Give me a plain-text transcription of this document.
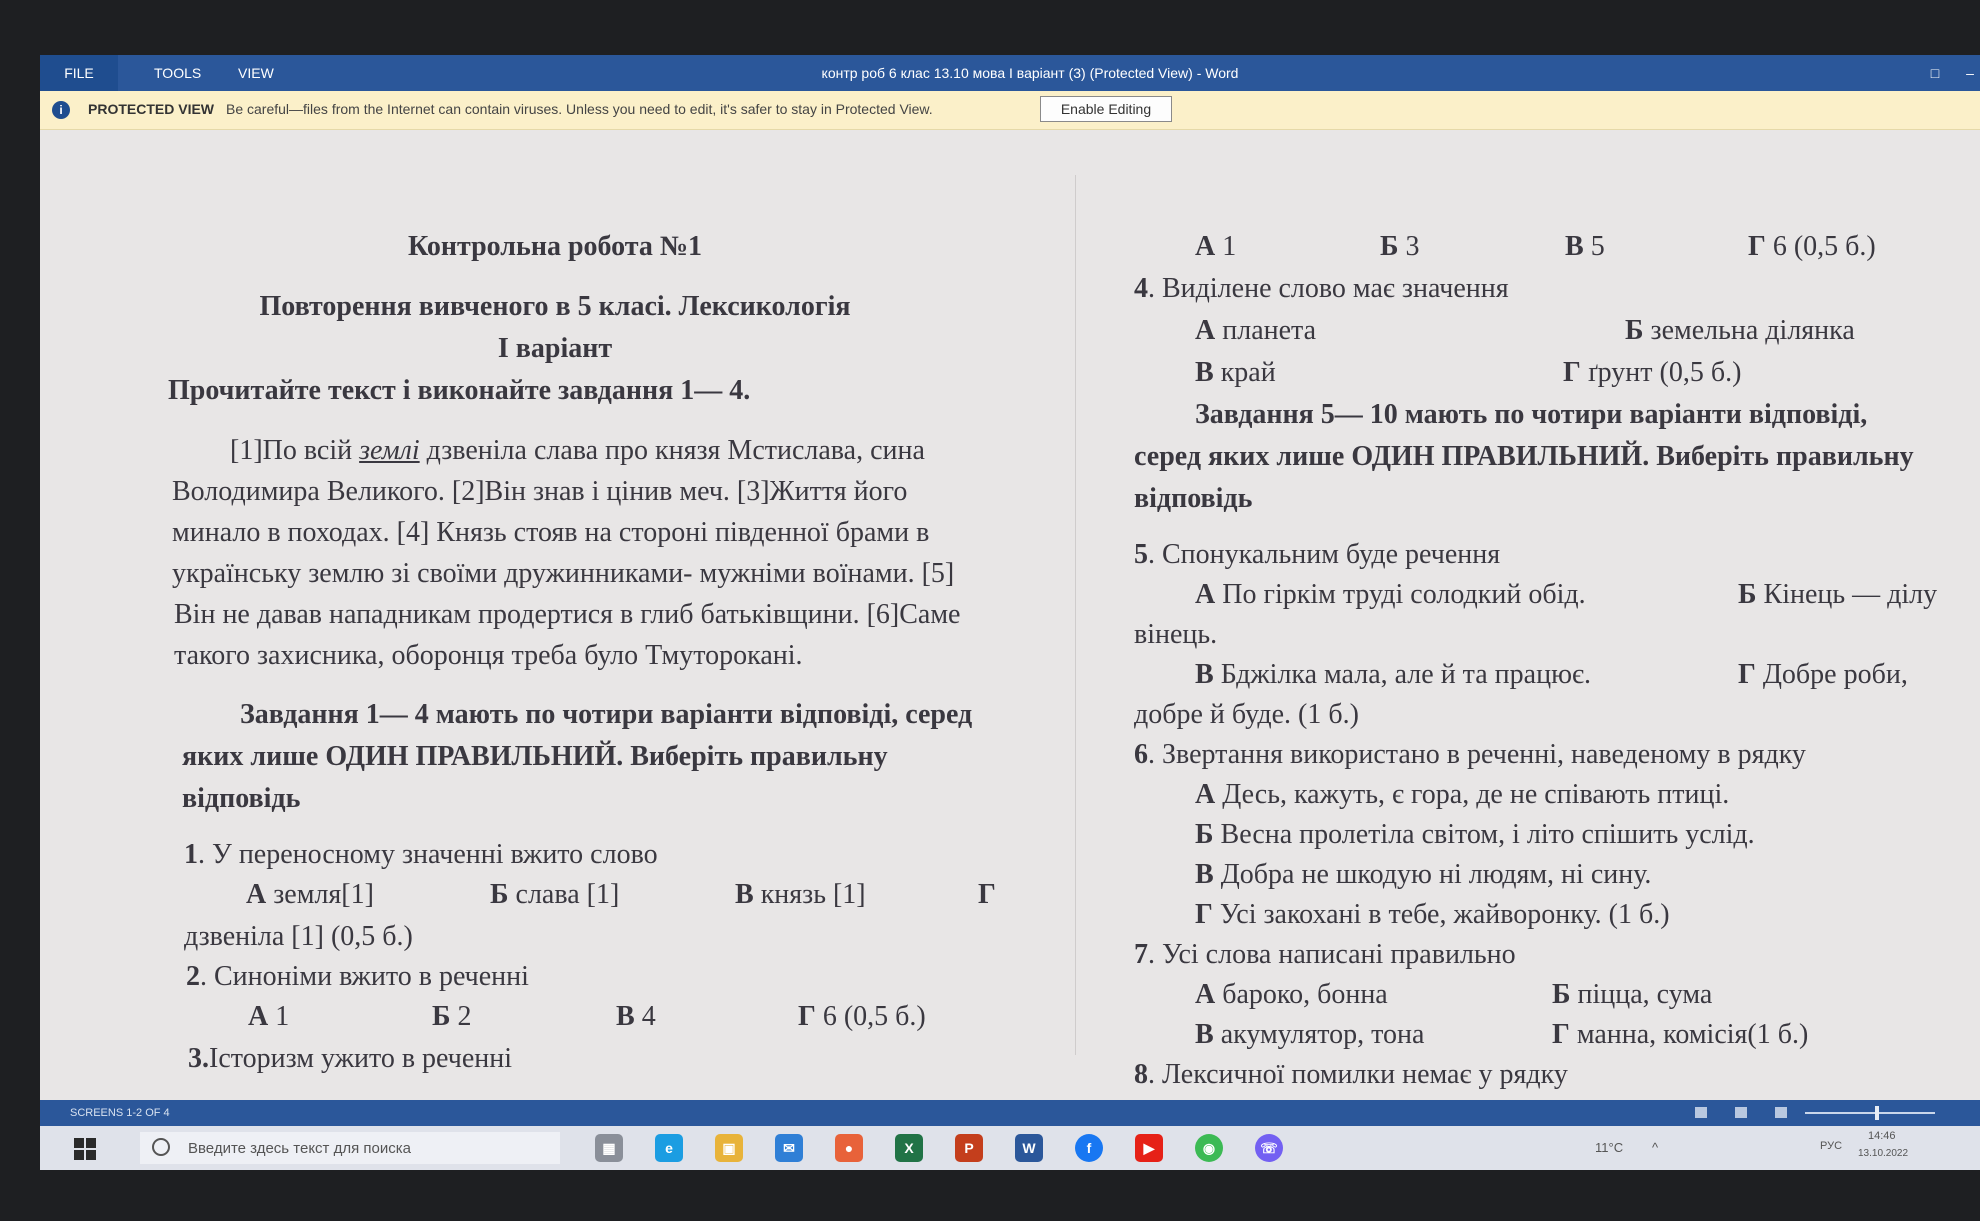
контр роб 6 клас 13.10 мова І варіант (3) (Protected View) - Word
FILE	TOOLS	VIEW	□	–
i	PROTECTED VIEW Be careful—files from the Internet can contain viruses. Unless you need to edit, it's safer to stay in Protected View.	Enable Editing
Контрольна робота №1
Повторення вивченого в 5 класі. Лексикологія
І варіант
Прочитайте текст і виконайте завдання 1— 4.
[1]По всій землі дзвеніла слава про князя Мстислава, сина
Володимира Великого. [2]Він знав і цінив меч. [3]Життя його
минало в походах. [4] Князь стояв на стороні південної брами в
українську землю зі своїми дружинниками- мужніми воїнами. [5]
Він не давав нападникам продертися в глиб батьківщини. [6]Саме
такого захисника, оборонця треба було Тмуторокані.
Завдання 1— 4 мають по чотири варіанти відповіді, серед
яких лише ОДИН ПРАВИЛЬНИЙ. Виберіть правильну
відповідь
1. У переносному значенні вжито слово
А земля[1]	Б слава [1]	В князь [1]	Г
дзвеніла [1] (0,5 б.)
2. Синоніми вжито в реченні
А 1	Б 2	В 4	Г 6 (0,5 б.)
3.Історизм ужито в реченні
А 1	Б 3	В 5	Г 6 (0,5 б.)
4. Виділене слово має значення
А планета	Б земельна ділянка
В край	Г ґрунт (0,5 б.)
Завдання 5— 10 мають по чотири варіанти відповіді,
серед яких лише ОДИН ПРАВИЛЬНИЙ. Виберіть правильну
відповідь
5. Спонукальним буде речення
А По гіркім труді солодкий обід.	Б Кінець — ділу
вінець.
В Бджілка мала, але й та працює.	Г Добре роби,
добре й буде. (1 б.)
6. Звертання використано в реченні, наведеному в рядку
А Десь, кажуть, є гора, де не співають птиці.
Б Весна пролетіла світом, і літо спішить услід.
В Добра не шкодую ні людям, ні сину.
Г Усі закохані в тебе, жайворонку. (1 б.)
7. Усі слова написані правильно
А бароко, бонна	Б піцца, сума
В акумулятор, тона	Г манна, комісія(1 б.)
8. Лексичної помилки немає у рядку
SCREENS 1-2 OF 4
Введите здесь текст для поиска	▦	e	▣	✉	●	X	P	W	f	▶	◉	☏	11°C ^	РУС
14:46
13.10.2022
